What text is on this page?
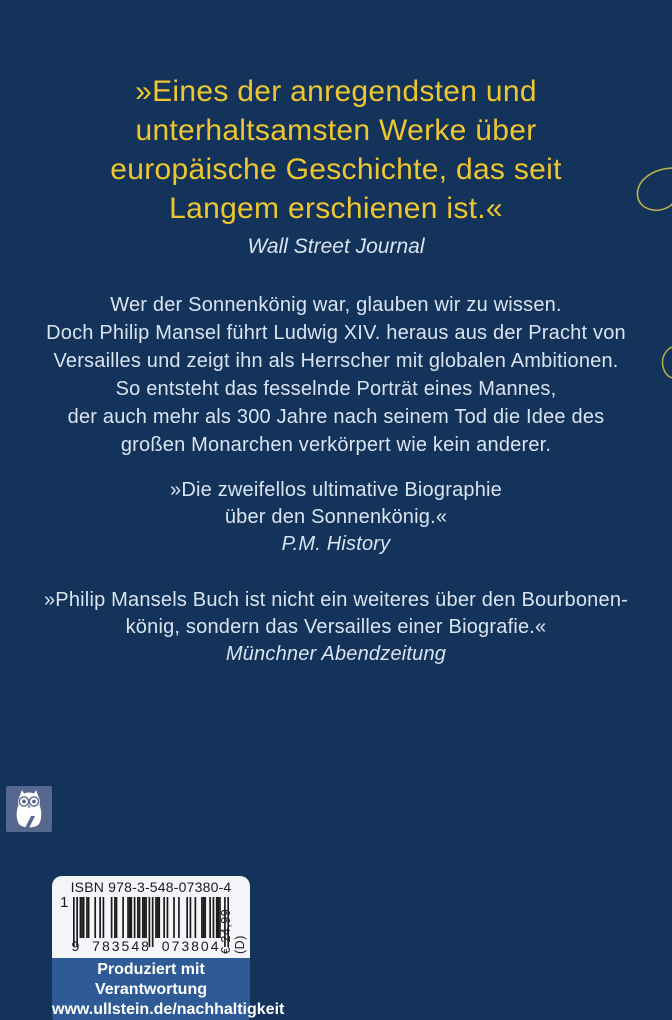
»Eines der anregendsten und
unterhaltsamsten Werke über
europäische Geschichte, das seit
Langem erschienen ist.«
Wall Street Journal
Wer der Sonnenkönig war, glauben wir zu wissen.
Doch Philip Mansel führt Ludwig XIV. heraus aus der Pracht von
Versailles und zeigt ihn als Herrscher mit globalen Ambitionen.
So entsteht das fesselnde Porträt eines Mannes,
der auch mehr als 300 Jahre nach seinem Tod die Idee des
großen Monarchen verkörpert wie kein anderer.
»Die zweifellos ultimative Biographie
über den Sonnenkönig.«
P.M. History
»Philip Mansels Buch ist nicht ein weiteres über den Bourbonen-
könig, sondern das Versailles einer Biografie.«
Münchner Abendzeitung
ISBN 978-3-548-07380-4
1
9 783548 073804
€ 24,99 (D)
Produziert mit Verantwortung
www.ullstein.de/nachhaltigkeit
